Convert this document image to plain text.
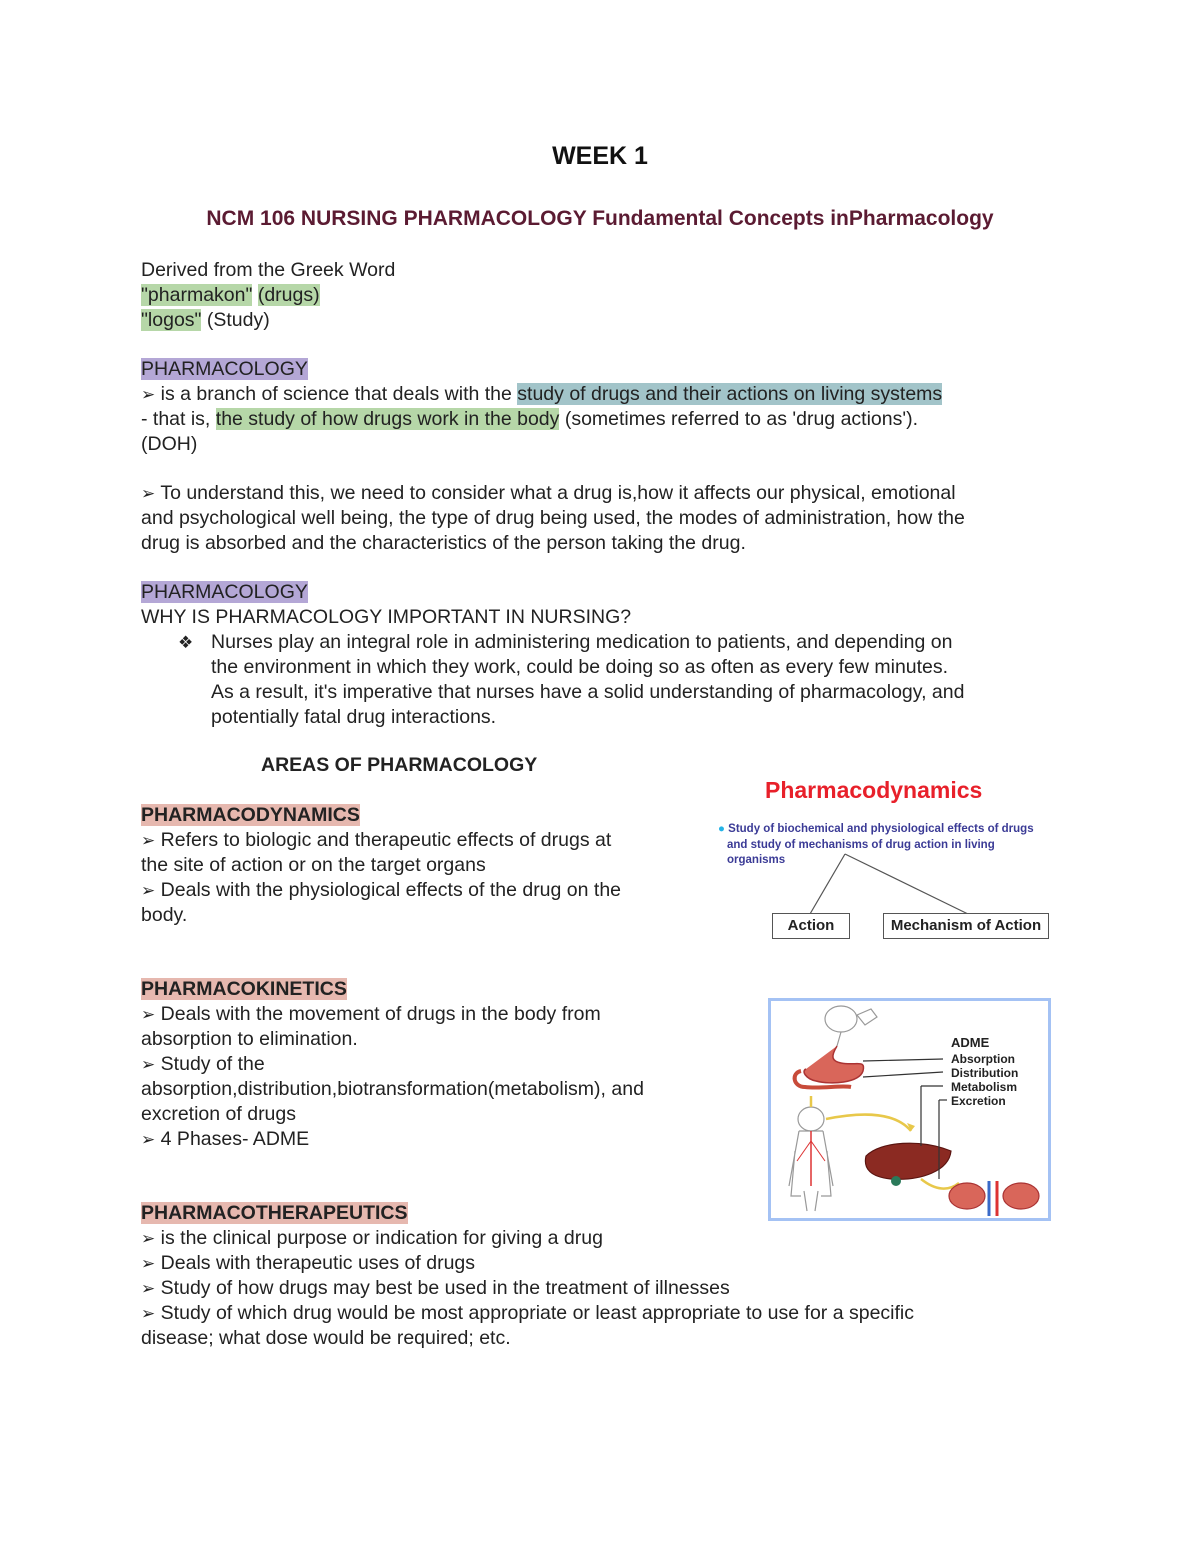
WEEK 1
NCM 106 NURSING PHARMACOLOGY Fundamental Concepts inPharmacology
Derived from the Greek Word
"pharmakon" (drugs)
"logos" (Study)
PHARMACOLOGY
➢ is a branch of science that deals with the study of drugs and their actions on living systems
- that is, the study of how drugs work in the body (sometimes referred to as 'drug actions').
(DOH)
➢ To understand this, we need to consider what a drug is,how it affects our physical, emotional
and psychological well being, the type of drug being used, the modes of administration, how the
drug is absorbed and the characteristics of the person taking the drug.
PHARMACOLOGY
WHY IS PHARMACOLOGY IMPORTANT IN NURSING?
❖ Nurses play an integral role in administering medication to patients, and depending on
the environment in which they work, could be doing so as often as every few minutes.
As a result, it's imperative that nurses have a solid understanding of pharmacology, and
potentially fatal drug interactions.
AREAS OF PHARMACOLOGY
PHARMACODYNAMICS
➢ Refers to biologic and therapeutic effects of drugs at
the site of action or on the target organs
➢ Deals with the physiological effects of the drug on the
body.
Pharmacodynamics
● Study of biochemical and physiological effects of drugs
and study of mechanisms of drug action in living
organisms
Action	Mechanism of Action
PHARMACOKINETICS
➢ Deals with the movement of drugs in the body from
absorption to elimination.
➢ Study of the
absorption,distribution,biotransformation(metabolism), and
excretion of drugs
➢ 4 Phases- ADME
ADME
Absorption
Distribution
Metabolism
Excretion
PHARMACOTHERAPEUTICS
➢ is the clinical purpose or indication for giving a drug
➢ Deals with therapeutic uses of drugs
➢ Study of how drugs may best be used in the treatment of illnesses
➢ Study of which drug would be most appropriate or least appropriate to use for a specific
disease; what dose would be required; etc.
